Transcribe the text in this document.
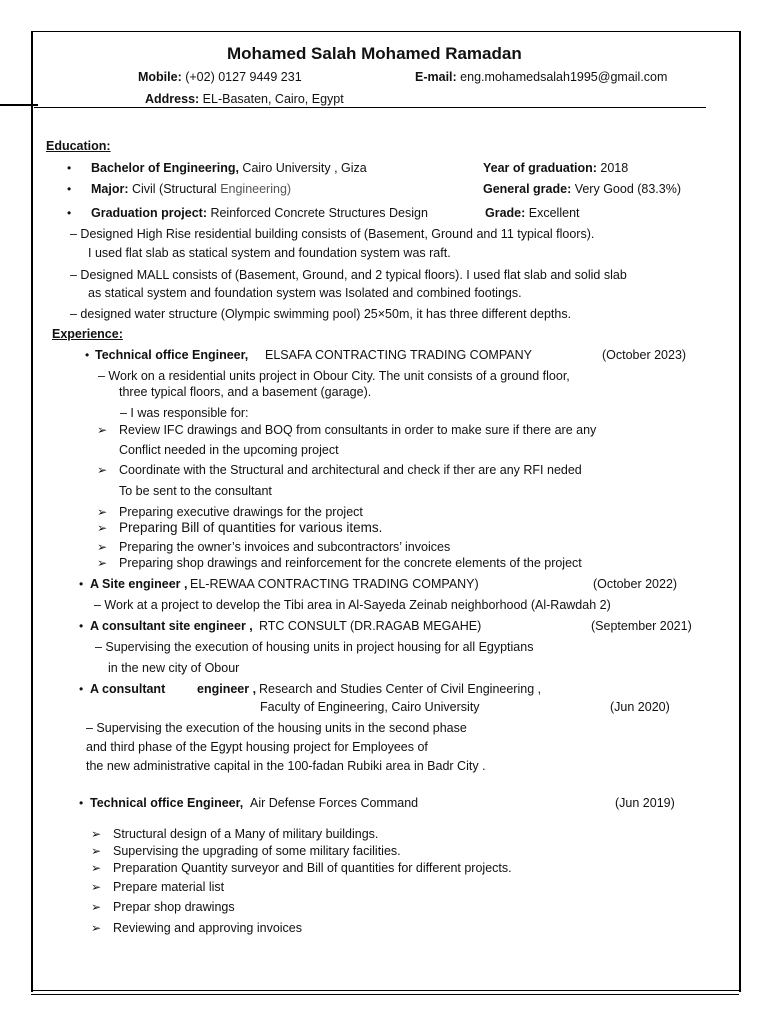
Mohamed Salah Mohamed Ramadan
Mobile: (+02) 0127 9449 231	E-mail: eng.mohamedsalah1995@gmail.com
Address: EL-Basaten, Cairo, Egypt
Education:
• Bachelor of Engineering, Cairo University , Giza	Year of graduation: 2018
• Major: Civil (Structural Engineering)	General grade: Very Good (83.3%)
• Graduation project: Reinforced Concrete Structures Design	Grade: Excellent
– Designed High Rise residential building consists of (Basement, Ground and 11 typical floors).
I used flat slab as statical system and foundation system was raft.
– Designed MALL consists of (Basement, Ground, and 2 typical floors). I used flat slab and solid slab
as statical system and foundation system was Isolated and combined footings.
– designed water structure (Olympic swimming pool) 25×50m, it has three different depths.
Experience:
• Technical office Engineer, ELSAFA CONTRACTING TRADING COMPANY	(October 2023)
– Work on a residential units project in Obour City. The unit consists of a ground floor,
three typical floors, and a basement (garage).
– I was responsible for:
➢ Review IFC drawings and BOQ from consultants in order to make sure if there are any
Conflict needed in the upcoming project
➢ Coordinate with the Structural and architectural and check if ther are any RFI neded
To be sent to the consultant
➢ Preparing executive drawings for the project
➢ Preparing Bill of quantities for various items.
➢ Preparing the owner’s invoices and subcontractors’ invoices
➢ Preparing shop drawings and reinforcement for the concrete elements of the project
• A Site engineer , EL-REWAA CONTRACTING TRADING COMPANY)	(October 2022)
– Work at a project to develop the Tibi area in Al-Sayeda Zeinab neighborhood (Al-Rawdah 2)
• A consultant site engineer , RTC CONSULT (DR.RAGAB MEGAHE)	(September 2021)
– Supervising the execution of housing units in project housing for all Egyptians
in the new city of Obour
• A consultant	engineer , Research and Studies Center of Civil Engineering ,
Faculty of Engineering, Cairo University	(Jun 2020)
– Supervising the execution of the housing units in the second phase
and third phase of the Egypt housing project for Employees of
the new administrative capital in the 100-fadan Rubiki area in Badr City .
• Technical office Engineer, Air Defense Forces Command	(Jun 2019)
➢ Structural design of a Many of military buildings.
➢ Supervising the upgrading of some military facilities.
➢ Preparation Quantity surveyor and Bill of quantities for different projects.
➢ Prepare material list
➢ Prepar shop drawings
➢ Reviewing and approving invoices
